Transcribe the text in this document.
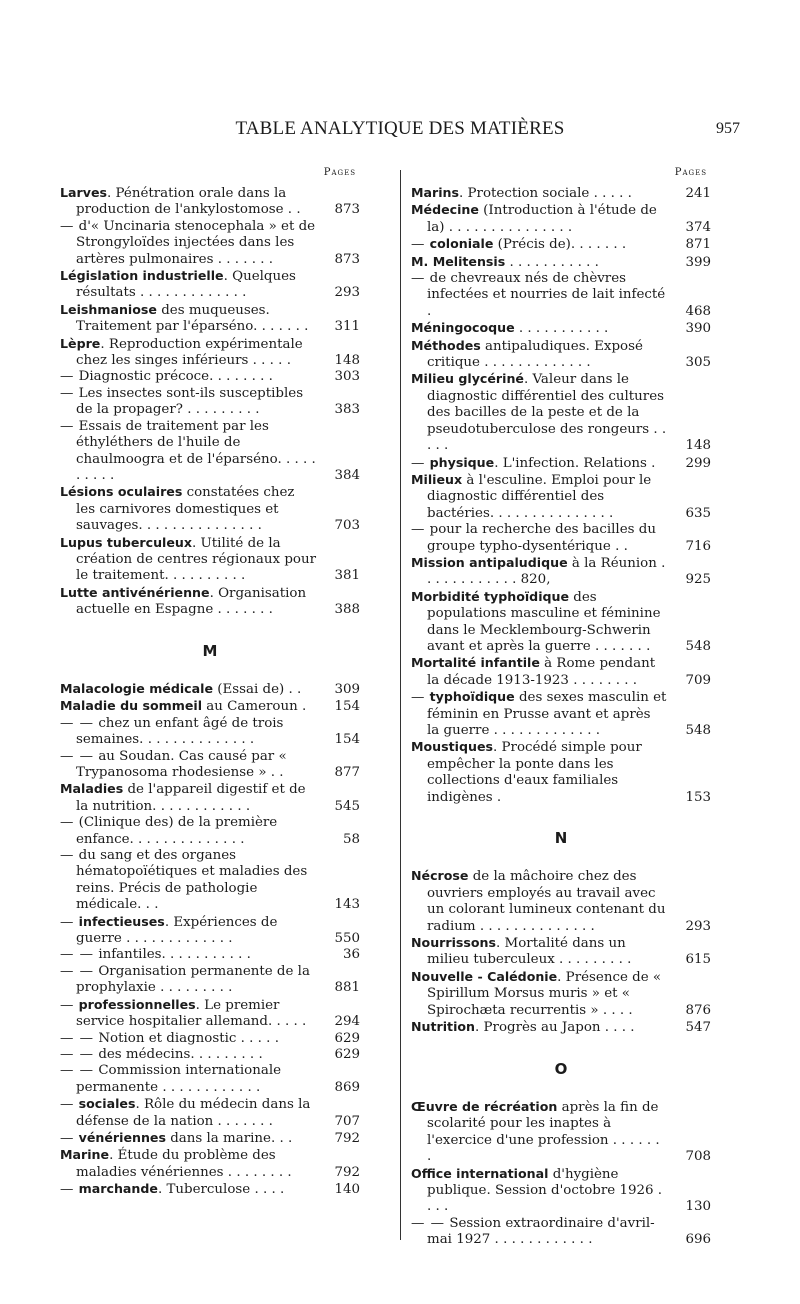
TABLE ANALYTIQUE DES MATIÈRES	957
Pages
Larves. Pénétration orale dans la production de l'ankylostomose . .	873
— d'« Uncinaria stenocephala » et de Strongyloïdes injectées dans les artères pulmonaires . . . . . . .	873
Législation industrielle. Quelques résultats . . . . . . . . . . . . .	293
Leishmaniose des muqueuses. Traitement par l'éparséno. . . . . . . 311
Lèpre. Reproduction expérimentale chez les singes inférieurs . . . . .	148
— Diagnostic précoce. . . . . . . .	303
— Les insectes sont-ils susceptibles de la propager? . . . . . . . . .	383
— Essais de traitement par les éthyléthers de l'huile de chaulmoogra et de l'éparséno. . . . . . . . . .	384
Lésions oculaires constatées chez les carnivores domestiques et sauvages. . . . . . . . . . . . . . .	703
Lupus tuberculeux. Utilité de la création de centres régionaux pour le traitement. . . . . . . . . .	381
Lutte antivénérienne. Organisation actuelle en Espagne . . . . . . .	388
M
Malacologie médicale (Essai de) . . 309
Maladie du sommeil au Cameroun . 154
— — chez un enfant âgé de trois semaines. . . . . . . . . . . . . .	154
— — au Soudan. Cas causé par « Trypanosoma rhodesiense » . .	877
Maladies de l'appareil digestif et de la nutrition. . . . . . . . . . . .	545
— (Clinique des) de la première enfance. . . . . . . . . . . . . .	58
— du sang et des organes hématopoïétiques et maladies des reins. Précis de pathologie médicale. . .	143
— infectieuses. Expériences de guerre . . . . . . . . . . . . .	550
— — infantiles. . . . . . . . . . .	36
— — Organisation permanente de la prophylaxie . . . . . . . . .	881
— professionnelles. Le premier service hospitalier allemand. . . . . 294
— — Notion et diagnostic . . . . .	629
— — des médecins. . . . . . . . .	629
— — Commission internationale permanente . . . . . . . . . . . .	869
— sociales. Rôle du médecin dans la défense de la nation . . . . . . .	707
— vénériennes dans la marine. . .	792
Marine. Étude du problème des maladies vénériennes . . . . . . . .	792
— marchande. Tuberculose . . . .	140
Pages
Marins. Protection sociale . . . . .	241
Médecine (Introduction à l'étude de la) . . . . . . . . . . . . . . .	374
— coloniale (Précis de). . . . . . .	871
M. Melitensis . . . . . . . . . . .	399
— de chevreaux nés de chèvres infectées et nourries de lait infecté .	468
Méningocoque . . . . . . . . . . .	390
Méthodes antipaludiques. Exposé critique . . . . . . . . . . . . .	305
Milieu glycériné. Valeur dans le diagnostic différentiel des cultures des bacilles de la peste et de la pseudotuberculose des rongeurs . . . . .	148
— physique. L'infection. Relations . 299
Milieux à l'esculine. Emploi pour le diagnostic différentiel des bactéries. . . . . . . . . . . . . . .	635
— pour la recherche des bacilles du groupe typho-dysentérique . .	716
Mission antipaludique à la Réunion . . . . . . . . . . . . 820,	925
Morbidité typhoïdique des populations masculine et féminine dans le Mecklembourg-Schwerin avant et après la guerre . . . . . . .	548
Mortalité infantile à Rome pendant la décade 1913-1923 . . . . . . . .	709
— typhoïdique des sexes masculin et féminin en Prusse avant et après la guerre . . . . . . . . . . . . .	548
Moustiques. Procédé simple pour empêcher la ponte dans les collections d'eaux familiales indigènes .	153
N
Nécrose de la mâchoire chez des ouvriers employés au travail avec un colorant lumineux contenant du radium . . . . . . . . . . . . . .	293
Nourrissons. Mortalité dans un milieu tuberculeux . . . . . . . . .	615
Nouvelle - Calédonie. Présence de « Spirillum Morsus muris » et « Spirochæta recurrentis » . . . .	876
Nutrition. Progrès au Japon . . . .	547
O
Œuvre de récréation après la fin de scolarité pour les inaptes à l'exercice d'une profession . . . . . . .	708
Office international d'hygiène publique. Session d'octobre 1926 . . . .	130
— — Session extraordinaire d'avril-mai 1927 . . . . . . . . . . . .	696
